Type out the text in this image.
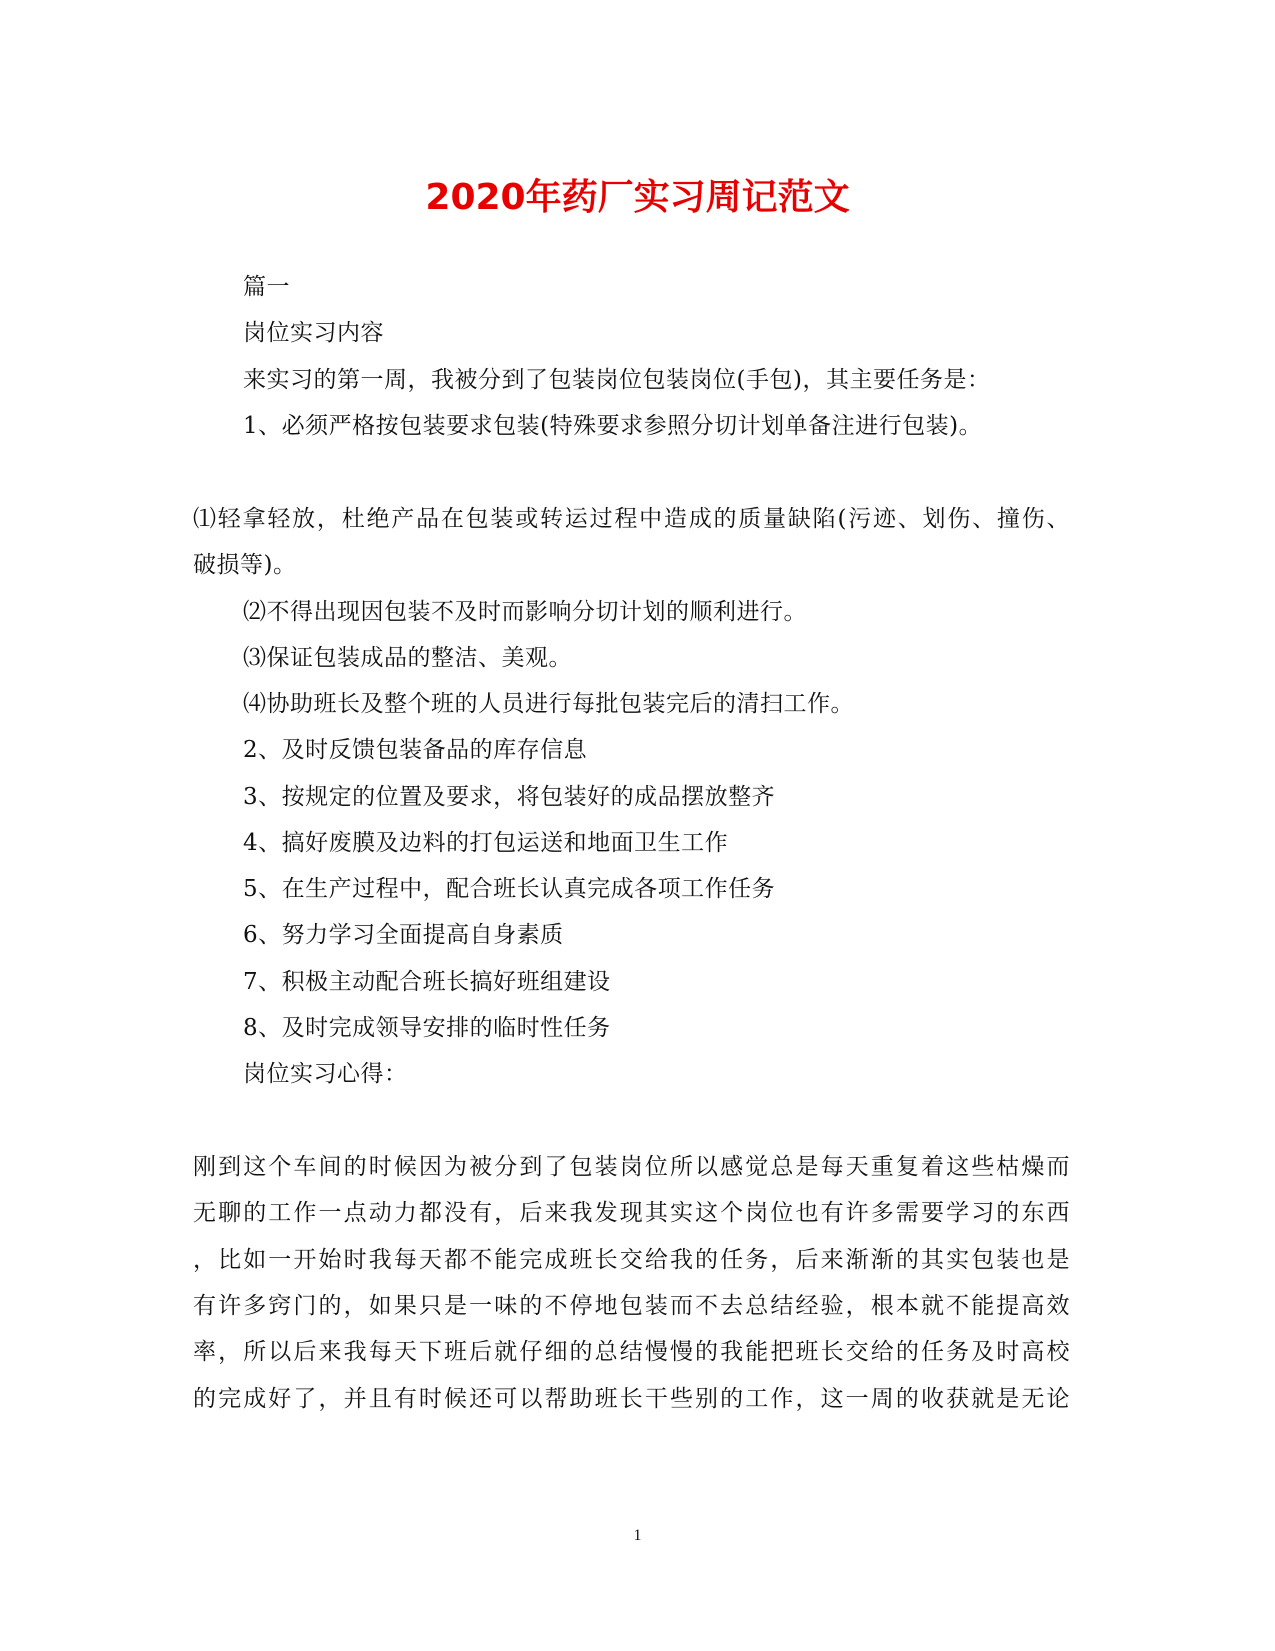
2020年药厂实习周记范文
篇一
岗位实习内容
来实习的第一周，我被分到了包装岗位包装岗位(手包)，其主要任务是：
1、必须严格按包装要求包装(特殊要求参照分切计划单备注进行包装)。
⑴轻拿轻放，杜绝产品在包装或转运过程中造成的质量缺陷(污迹、划伤、撞伤、
破损等)。
⑵不得出现因包装不及时而影响分切计划的顺利进行。
⑶保证包装成品的整洁、美观。
⑷协助班长及整个班的人员进行每批包装完后的清扫工作。
2、及时反馈包装备品的库存信息
3、按规定的位置及要求，将包装好的成品摆放整齐
4、搞好废膜及边料的打包运送和地面卫生工作
5、在生产过程中，配合班长认真完成各项工作任务
6、努力学习全面提高自身素质
7、积极主动配合班长搞好班组建设
8、及时完成领导安排的临时性任务
岗位实习心得：
刚到这个车间的时候因为被分到了包装岗位所以感觉总是每天重复着这些枯燥而
无聊的工作一点动力都没有，后来我发现其实这个岗位也有许多需要学习的东西
，比如一开始时我每天都不能完成班长交给我的任务，后来渐渐的其实包装也是
有许多窍门的，如果只是一味的不停地包装而不去总结经验，根本就不能提高效
率，所以后来我每天下班后就仔细的总结慢慢的我能把班长交给的任务及时高校
的完成好了，并且有时候还可以帮助班长干些别的工作，这一周的收获就是无论
1
